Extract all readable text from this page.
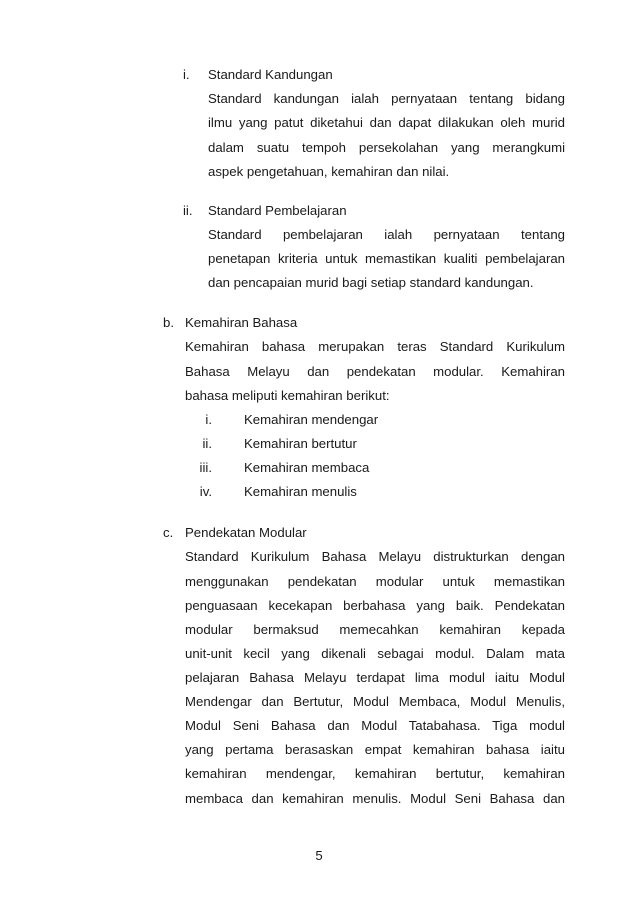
i. Standard Kandungan
Standard kandungan ialah pernyataan tentang bidang
ilmu yang patut diketahui dan dapat dilakukan oleh murid
dalam suatu tempoh persekolahan yang merangkumi
aspek pengetahuan, kemahiran dan nilai.
ii. Standard Pembelajaran
Standard pembelajaran ialah pernyataan tentang
penetapan kriteria untuk memastikan kualiti pembelajaran
dan pencapaian murid bagi setiap standard kandungan.
b. Kemahiran Bahasa
Kemahiran bahasa merupakan teras Standard Kurikulum
Bahasa Melayu dan pendekatan modular. Kemahiran
bahasa meliputi kemahiran berikut:
i. Kemahiran mendengar
ii. Kemahiran bertutur
iii. Kemahiran membaca
iv. Kemahiran menulis
c. Pendekatan Modular
Standard Kurikulum Bahasa Melayu distrukturkan dengan
menggunakan pendekatan modular untuk memastikan
penguasaan kecekapan berbahasa yang baik. Pendekatan
modular bermaksud memecahkan kemahiran kepada
unit-unit kecil yang dikenali sebagai modul. Dalam mata
pelajaran Bahasa Melayu terdapat lima modul iaitu Modul
Mendengar dan Bertutur, Modul Membaca, Modul Menulis,
Modul Seni Bahasa dan Modul Tatabahasa. Tiga modul
yang pertama berasaskan empat kemahiran bahasa iaitu
kemahiran mendengar, kemahiran bertutur, kemahiran
membaca dan kemahiran menulis. Modul Seni Bahasa dan
5
